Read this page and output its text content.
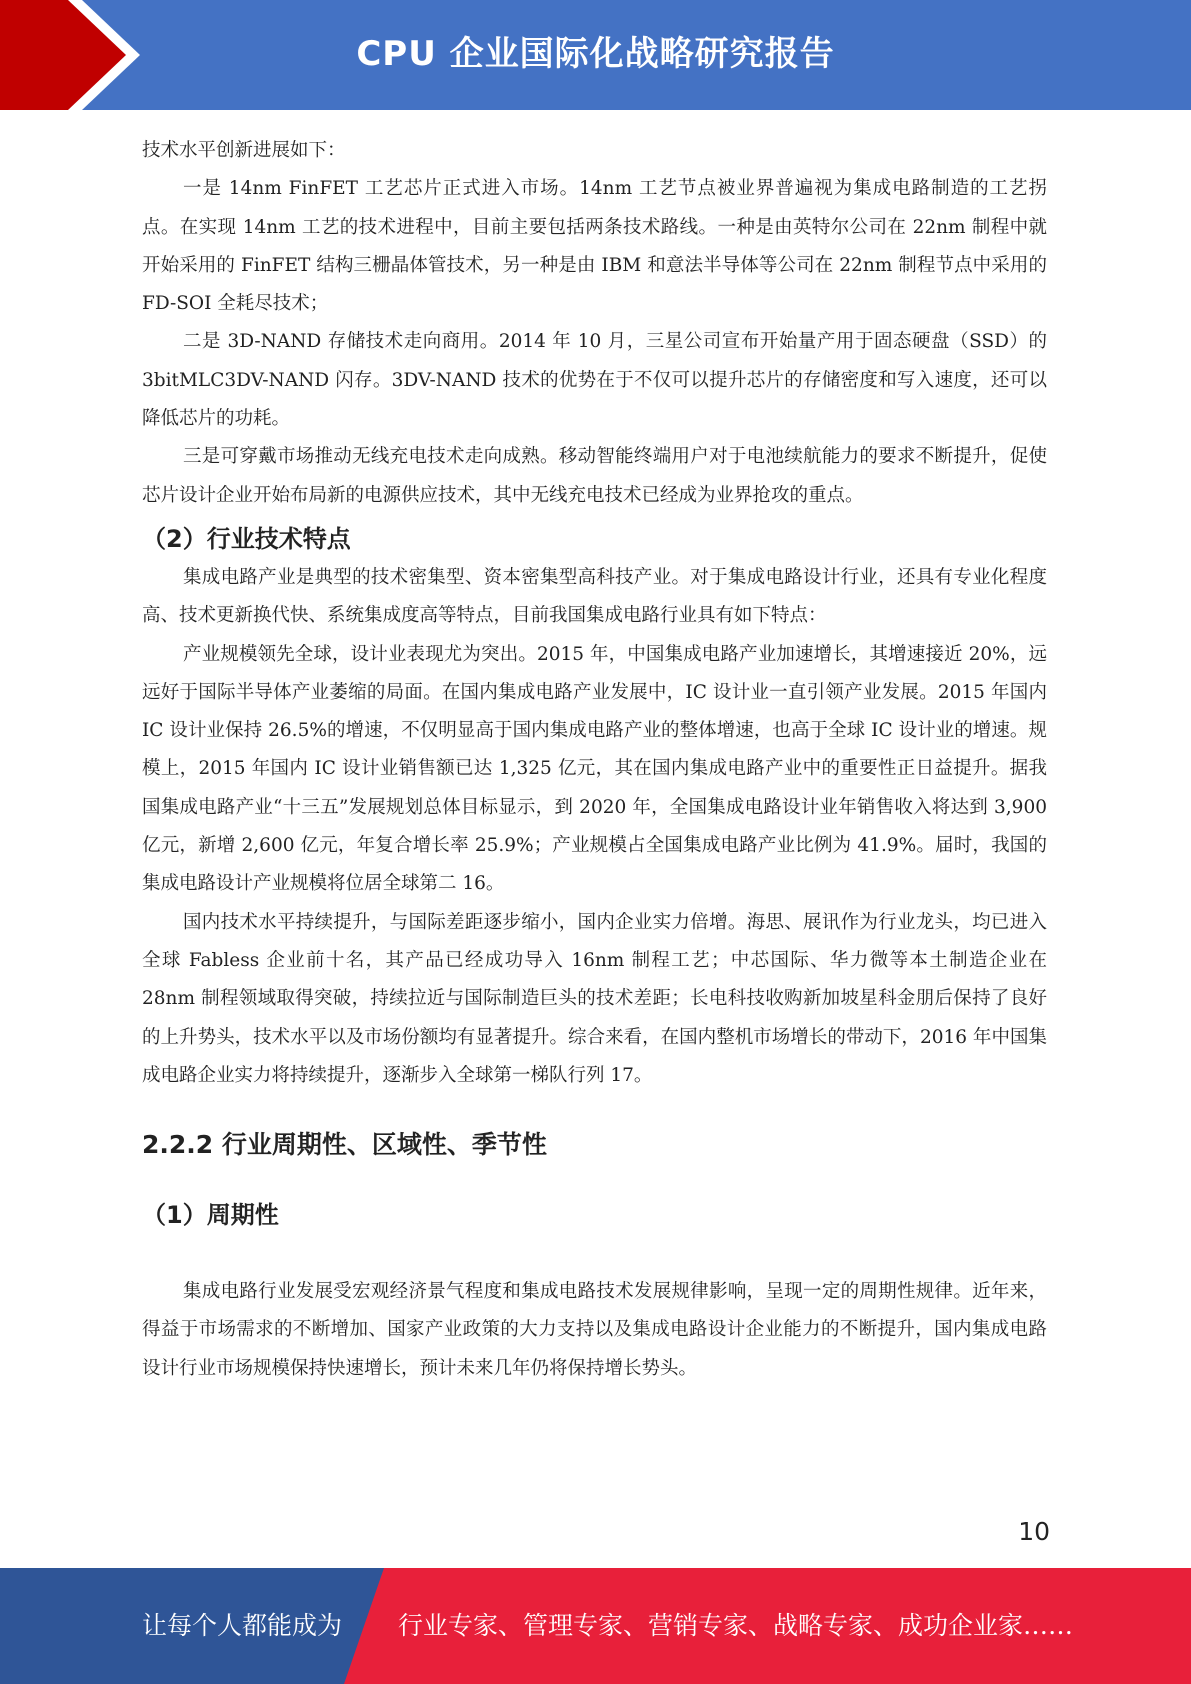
CPU 企业国际化战略研究报告

技术水平创新进展如下：

一是 14nm FinFET 工艺芯片正式进入市场。14nm 工艺节点被业界普遍视为集成电路制造的工艺拐点。在实现 14nm 工艺的技术进程中，目前主要包括两条技术路线。一种是由英特尔公司在 22nm 制程中就开始采用的 FinFET 结构三栅晶体管技术，另一种是由 IBM 和意法半导体等公司在 22nm 制程节点中采用的 FD-SOI 全耗尽技术；

二是 3D-NAND 存储技术走向商用。2014 年 10 月，三星公司宣布开始量产用于固态硬盘（SSD）的 3bitMLC3DV-NAND 闪存。3DV-NAND 技术的优势在于不仅可以提升芯片的存储密度和写入速度，还可以降低芯片的功耗。

三是可穿戴市场推动无线充电技术走向成熟。移动智能终端用户对于电池续航能力的要求不断提升，促使芯片设计企业开始布局新的电源供应技术，其中无线充电技术已经成为业界抢攻的重点。

（2）行业技术特点

集成电路产业是典型的技术密集型、资本密集型高科技产业。对于集成电路设计行业，还具有专业化程度高、技术更新换代快、系统集成度高等特点，目前我国集成电路行业具有如下特点：

产业规模领先全球，设计业表现尤为突出。2015 年，中国集成电路产业加速增长，其增速接近 20%，远远好于国际半导体产业萎缩的局面。在国内集成电路产业发展中，IC 设计业一直引领产业发展。2015 年国内 IC 设计业保持 26.5%的增速，不仅明显高于国内集成电路产业的整体增速，也高于全球 IC 设计业的增速。规模上，2015 年国内 IC 设计业销售额已达 1,325 亿元，其在国内集成电路产业中的重要性正日益提升。据我国集成电路产业“十三五”发展规划总体目标显示，到 2020 年，全国集成电路设计业年销售收入将达到 3,900 亿元，新增 2,600 亿元，年复合增长率 25.9%；产业规模占全国集成电路产业比例为 41.9%。届时，我国的集成电路设计产业规模将位居全球第二 16。

国内技术水平持续提升，与国际差距逐步缩小，国内企业实力倍增。海思、展讯作为行业龙头，均已进入全球 Fabless 企业前十名，其产品已经成功导入 16nm 制程工艺；中芯国际、华力微等本土制造企业在 28nm 制程领域取得突破，持续拉近与国际制造巨头的技术差距；长电科技收购新加坡星科金朋后保持了良好的上升势头，技术水平以及市场份额均有显著提升。综合来看，在国内整机市场增长的带动下，2016 年中国集成电路企业实力将持续提升，逐渐步入全球第一梯队行列 17。

2.2.2 行业周期性、区域性、季节性
（1）周期性

集成电路行业发展受宏观经济景气程度和集成电路技术发展规律影响，呈现一定的周期性规律。近年来，得益于市场需求的不断增加、国家产业政策的大力支持以及集成电路设计企业能力的不断提升，国内集成电路设计行业市场规模保持快速增长，预计未来几年仍将保持增长势头。

10
让每个人都能成为 行业专家、管理专家、营销专家、战略专家、成功企业家……
